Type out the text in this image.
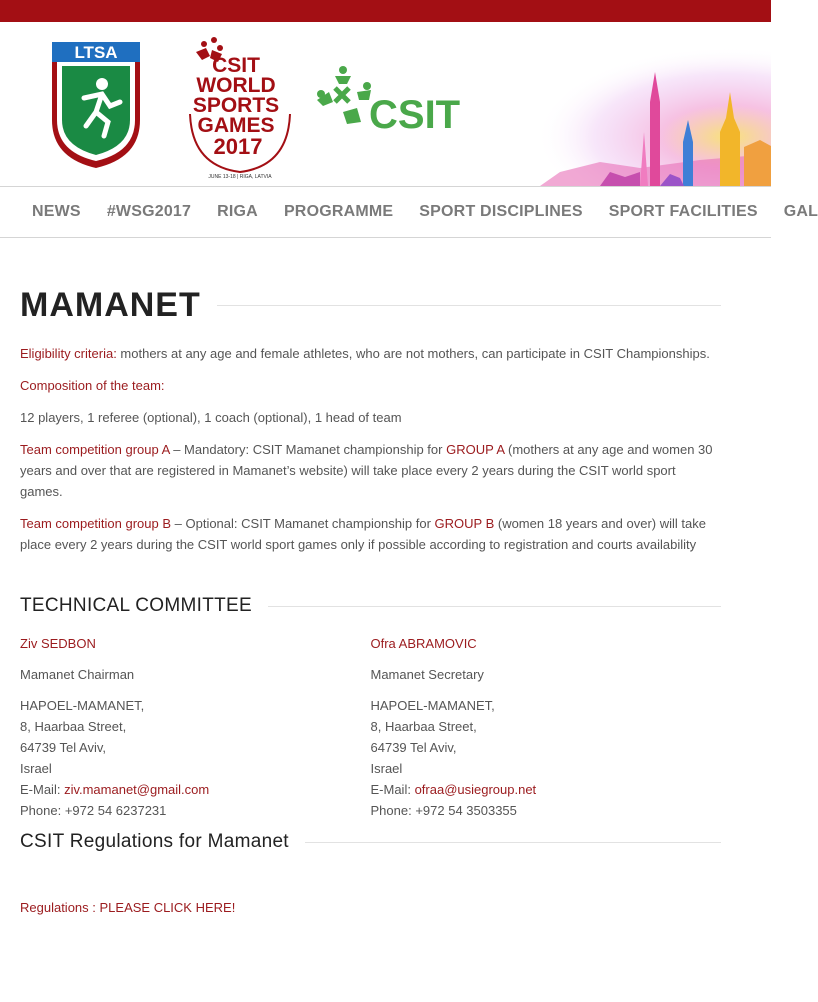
LTSA
CSIT
WORLD
SPORTS
GAMES
2017
JUNE 13-18 | RIGA, LATVIA
CSIT
NEWS #WSG2017 RIGA PROGRAMME SPORT DISCIPLINES SPORT FACILITIES GAL
MAMANET

Eligibility criteria: mothers at any age and female athletes, who are not mothers, can participate in CSIT Championships.

Composition of the team:

12 players, 1 referee (optional), 1 coach (optional), 1 head of team

Team competition group A – Mandatory: CSIT Mamanet championship for GROUP A (mothers at any age and women 30 years and over that are registered in Mamanet’s website) will take place every 2 years during the CSIT world sport games.

Team competition group B – Optional: CSIT Mamanet championship for GROUP B (women 18 years and over) will take place every 2 years during the CSIT world sport games only if possible according to registration and courts availability

TECHNICAL COMMITTEE

Ziv SEDBON

Mamanet Chairman

HAPOEL-MAMANET,
8, Haarbaa Street,
64739 Tel Aviv,
Israel
E-Mail: ziv.mamanet@gmail.com
Phone: +972 54 6237231

Ofra ABRAMOVIC

Mamanet Secretary

HAPOEL-MAMANET,
8, Haarbaa Street,
64739 Tel Aviv,
Israel
E-Mail: ofraa@usiegroup.net
Phone: +972 54 3503355

CSIT Regulations for Mamanet

Regulations : PLEASE CLICK HERE!
